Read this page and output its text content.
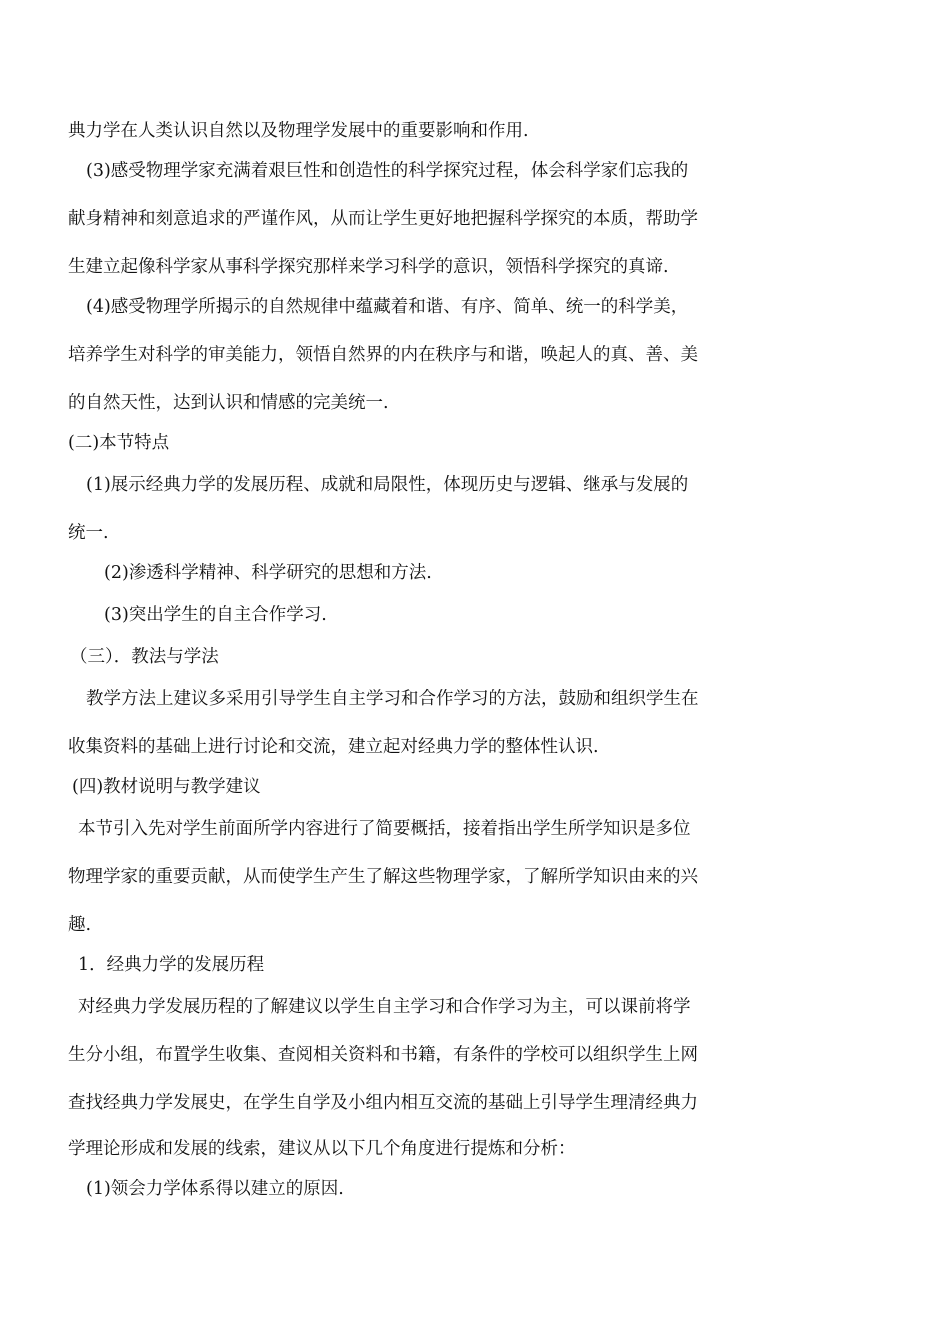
典力学在人类认识自然以及物理学发展中的重要影响和作用.
(3)感受物理学家充满着艰巨性和创造性的科学探究过程，体会科学家们忘我的
献身精神和刻意追求的严谨作风，从而让学生更好地把握科学探究的本质，帮助学
生建立起像科学家从事科学探究那样来学习科学的意识，领悟科学探究的真谛.
(4)感受物理学所揭示的自然规律中蕴藏着和谐、有序、简单、统一的科学美，
培养学生对科学的审美能力，领悟自然界的内在秩序与和谐，唤起人的真、善、美
的自然天性，达到认识和情感的完美统一.
(二)本节特点
(1)展示经典力学的发展历程、成就和局限性，体现历史与逻辑、继承与发展的
统一.
(2)渗透科学精神、科学研究的思想和方法.
(3)突出学生的自主合作学习.
（三）．教法与学法
教学方法上建议多采用引导学生自主学习和合作学习的方法，鼓励和组织学生在
收集资料的基础上进行讨论和交流，建立起对经典力学的整体性认识.
(四)教材说明与教学建议
本节引入先对学生前面所学内容进行了简要概括，接着指出学生所学知识是多位
物理学家的重要贡献，从而使学生产生了解这些物理学家，了解所学知识由来的兴
趣.
1．经典力学的发展历程
对经典力学发展历程的了解建议以学生自主学习和合作学习为主，可以课前将学
生分小组，布置学生收集、查阅相关资料和书籍，有条件的学校可以组织学生上网
查找经典力学发展史，在学生自学及小组内相互交流的基础上引导学生理清经典力
学理论形成和发展的线索，建议从以下几个角度进行提炼和分析：
(1)领会力学体系得以建立的原因.
